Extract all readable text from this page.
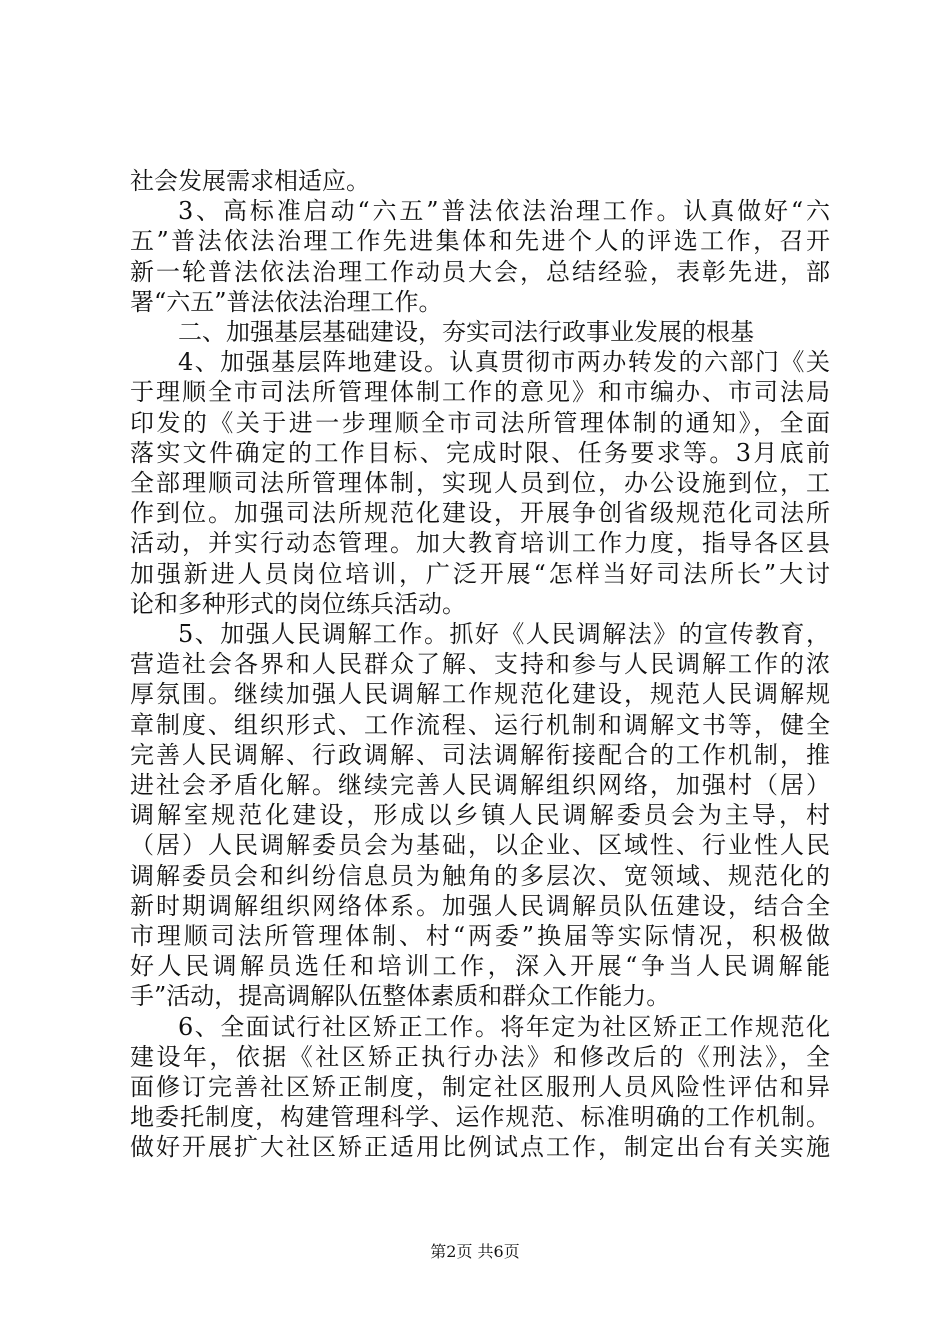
社会发展需求相适应。
3、高标准启动“六五”普法依法治理工作。认真做好“六
五”普法依法治理工作先进集体和先进个人的评选工作，召开
新一轮普法依法治理工作动员大会，总结经验，表彰先进，部
署“六五”普法依法治理工作。
二、加强基层基础建设，夯实司法行政事业发展的根基
4、加强基层阵地建设。认真贯彻市两办转发的六部门《关
于理顺全市司法所管理体制工作的意见》和市编办、市司法局
印发的《关于进一步理顺全市司法所管理体制的通知》，全面
落实文件确定的工作目标、完成时限、任务要求等。3月底前
全部理顺司法所管理体制，实现人员到位，办公设施到位，工
作到位。加强司法所规范化建设，开展争创省级规范化司法所
活动，并实行动态管理。加大教育培训工作力度，指导各区县
加强新进人员岗位培训，广泛开展“怎样当好司法所长”大讨
论和多种形式的岗位练兵活动。
5、加强人民调解工作。抓好《人民调解法》的宣传教育，
营造社会各界和人民群众了解、支持和参与人民调解工作的浓
厚氛围。继续加强人民调解工作规范化建设，规范人民调解规
章制度、组织形式、工作流程、运行机制和调解文书等，健全
完善人民调解、行政调解、司法调解衔接配合的工作机制，推
进社会矛盾化解。继续完善人民调解组织网络，加强村（居）
调解室规范化建设，形成以乡镇人民调解委员会为主导，村
（居）人民调解委员会为基础，以企业、区域性、行业性人民
调解委员会和纠纷信息员为触角的多层次、宽领域、规范化的
新时期调解组织网络体系。加强人民调解员队伍建设，结合全
市理顺司法所管理体制、村“两委”换届等实际情况，积极做
好人民调解员选任和培训工作，深入开展“争当人民调解能
手”活动，提高调解队伍整体素质和群众工作能力。
6、全面试行社区矫正工作。将年定为社区矫正工作规范化
建设年，依据《社区矫正执行办法》和修改后的《刑法》，全
面修订完善社区矫正制度，制定社区服刑人员风险性评估和异
地委托制度，构建管理科学、运作规范、标准明确的工作机制。
做好开展扩大社区矫正适用比例试点工作，制定出台有关实施
第2页 共6页
